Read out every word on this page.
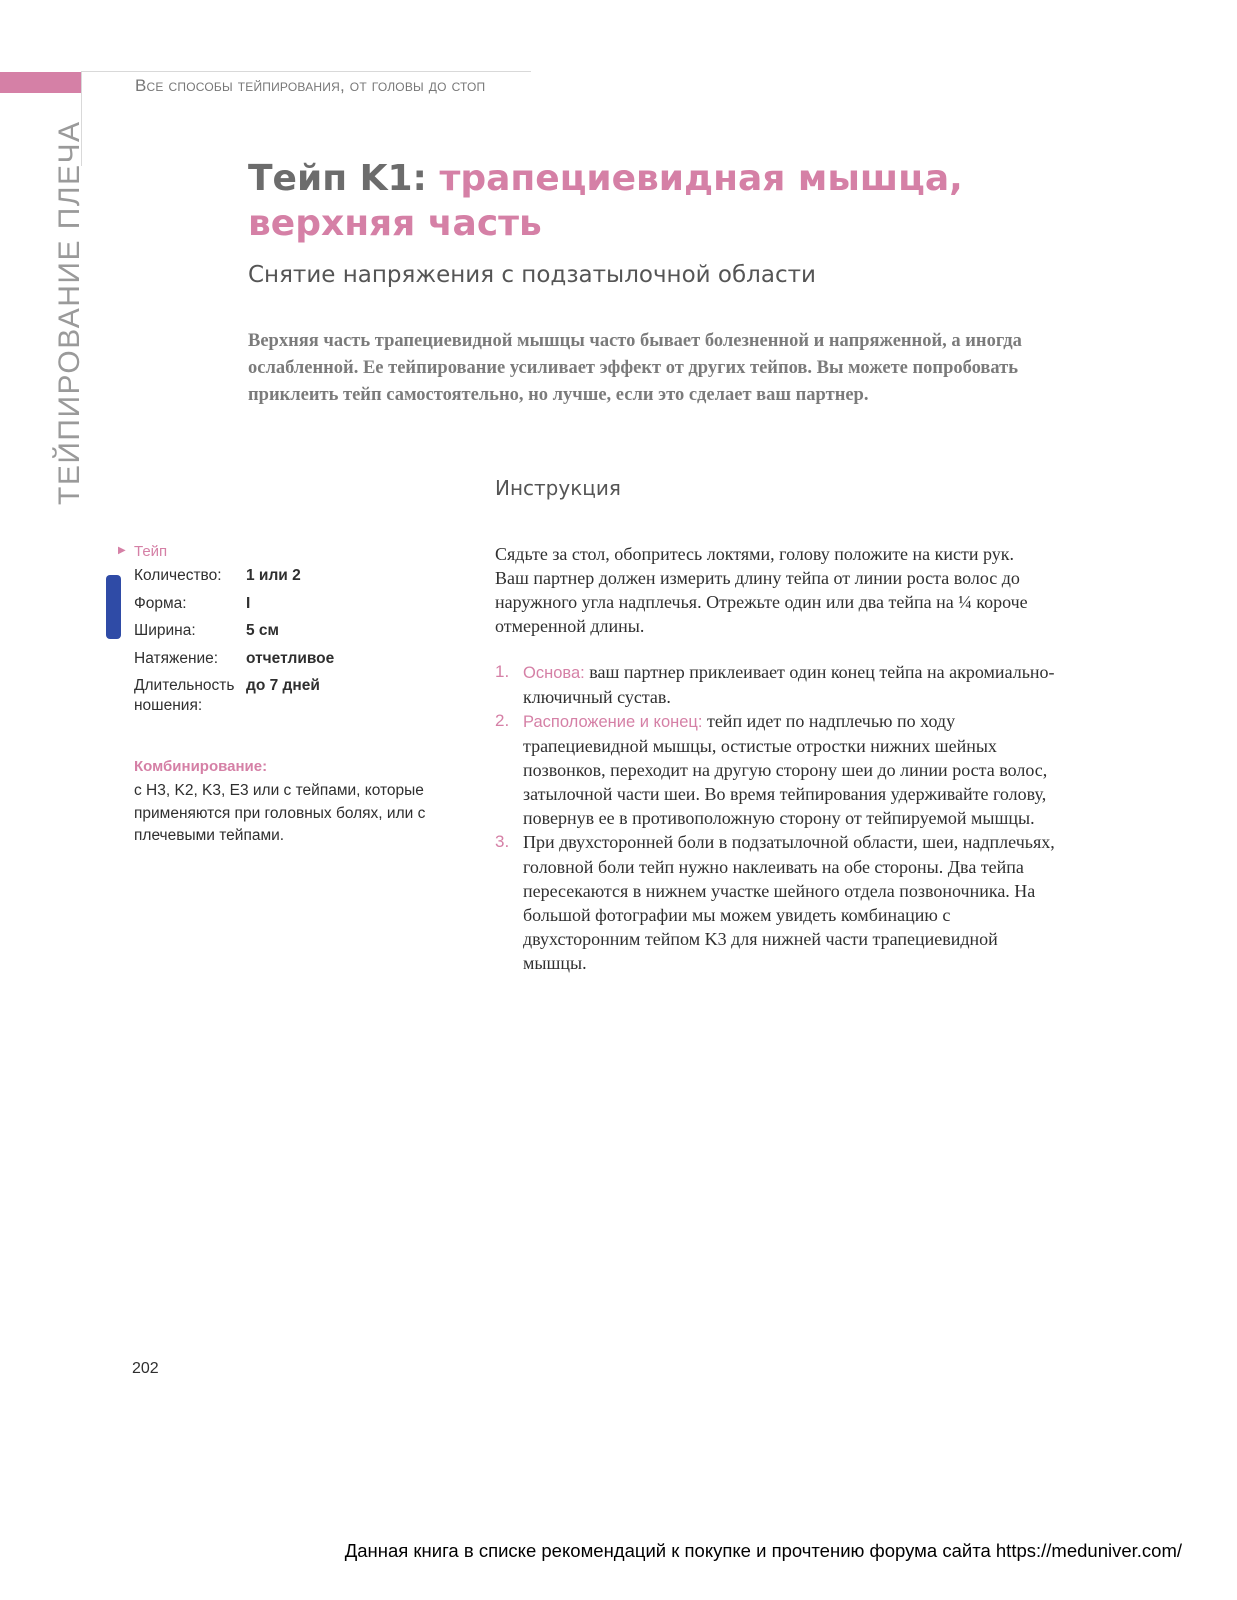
Все способы тейпирования, от головы до стоп
ТЕЙПИРОВАНИЕ ПЛЕЧА	Тейп K1: трапециевидная мышца, верхняя часть
Снятие напряжения с подзатылочной области

Верхняя часть трапециевидной мышцы часто бывает болезненной и напряженной, а иногда ослабленной. Ее тейпирование усиливает эффект от других тейпов. Вы можете попробовать приклеить тейп самостоятельно, но лучше, если это сделает ваш партнер.

Инструкция
▶ Тейп
Количество:	1 или 2
Форма:	I
Ширина:	5 см
Натяжение:	отчетливое
Длительность ношения:	до 7 дней
Комбинирование:

с H3, K2, K3, E3 или с тейпами, которые применяются при головных болях, или с плечевыми тейпами.

Сядьте за стол, обопритесь локтями, голову положите на кисти рук. Ваш партнер должен измерить длину тейпа от линии роста волос до наружного угла надплечья. Отрежьте один или два тейпа на ¼ короче отмеренной длины.

1. Основа: ваш партнер приклеивает один конец тейпа на акромиально-ключичный сустав.
2. Расположение и конец: тейп идет по надплечью по ходу трапециевидной мышцы, остистые отростки нижних шейных позвонков, переходит на другую сторону шеи до линии роста волос, затылочной части шеи. Во время тейпирования удерживайте голову, повернув ее в противоположную сторону от тейпируемой мышцы.
3. При двухсторонней боли в подзатылочной области, шеи, надплечьях, головной боли тейп нужно наклеивать на обе стороны. Два тейпа пересекаются в нижнем участке шейного отдела позвоночника. На большой фотографии мы можем увидеть комбинацию с двухсторонним тейпом K3 для нижней части трапециевидной мышцы.
202
Данная книга в списке рекомендаций к покупке и прочтению форума сайта https://meduniver.com/
